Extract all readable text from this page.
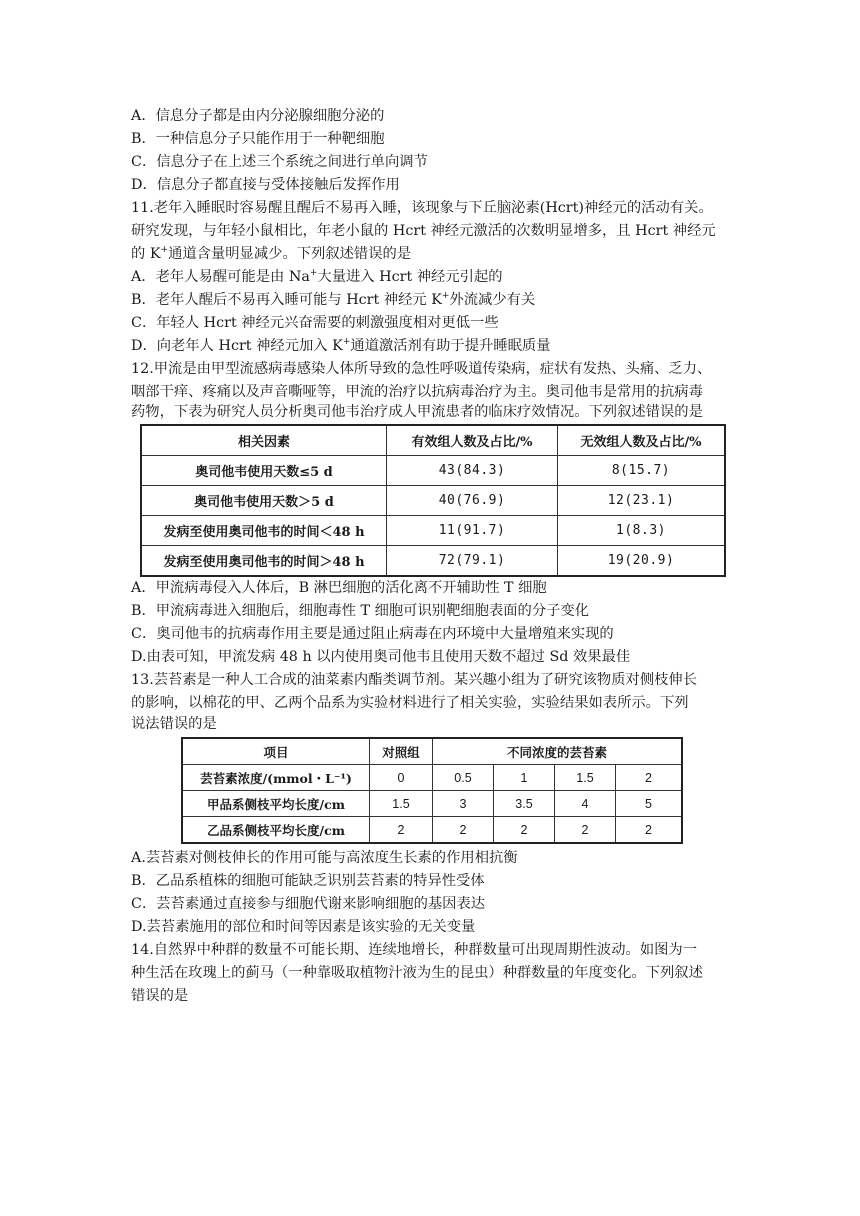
A．信息分子都是由内分泌腺细胞分泌的
B．一种信息分子只能作用于一种靶细胞
C．信息分子在上述三个系统之间进行单向调节
D．信息分子都直接与受体接触后发挥作用
11.老年入睡眠时容易醒且醒后不易再入睡，该现象与下丘脑泌素(Hcrt)神经元的活动有关。
研究发现，与年轻小鼠相比，年老小鼠的 Hcrt 神经元激活的次数明显增多，且 Hcrt 神经元
的 K+通道含量明显减少。下列叙述错误的是
A．老年人易醒可能是由 Na+大量进入 Hcrt 神经元引起的
B．老年人醒后不易再入睡可能与 Hcrt 神经元 K+外流减少有关
C．年轻人 Hcrt 神经元兴奋需要的刺激强度相对更低一些
D．向老年人 Hcrt 神经元加入 K+通道激活剂有助于提升睡眠质量
12.甲流是由甲型流感病毒感染人体所导致的急性呼吸道传染病，症状有发热、头痛、乏力、
咽部干痒、疼痛以及声音嘶哑等，甲流的治疗以抗病毒治疗为主。奥司他韦是常用的抗病毒
药物，下表为研究人员分析奥司他韦治疗成人甲流患者的临床疗效情况。下列叙述错误的是
相关因素	有效组人数及占比/%	无效组人数及占比/%
奥司他韦使用天数≤5 d	43(84.3)	8(15.7)
奥司他韦使用天数＞5 d	40(76.9)	12(23.1)
发病至使用奥司他韦的时间＜48 h	11(91.7)	1(8.3)
发病至使用奥司他韦的时间＞48 h	72(79.1)	19(20.9)
A．甲流病毒侵入人体后，B 淋巴细胞的活化离不开辅助性 T 细胞
B．甲流病毒进入细胞后，细胞毒性 T 细胞可识别靶细胞表面的分子变化
C．奥司他韦的抗病毒作用主要是通过阻止病毒在内环境中大量增殖来实现的
D.由表可知，甲流发病 48 h 以内使用奥司他韦且使用天数不超过 Sd 效果最佳
13.芸苔素是一种人工合成的油菜素内酯类调节剂。某兴趣小组为了研究该物质对侧枝伸长
的影响，以棉花的甲、乙两个品系为实验材料进行了相关实验，实验结果如表所示。下列
说法错误的是
项目	对照组	不同浓度的芸苔素			
芸苔素浓度/(mmol・L⁻¹)	0	0.5	1	1.5	2
甲品系侧枝平均长度/cm	1.5	3	3.5	4	5
乙品系侧枝平均长度/cm	2	2	2	2	2
A.芸苔素对侧枝伸长的作用可能与高浓度生长素的作用相抗衡
B．乙品系植株的细胞可能缺乏识别芸苔素的特异性受体
C．芸苔素通过直接参与细胞代谢来影响细胞的基因表达
D.芸苔素施用的部位和时间等因素是该实验的无关变量
14.自然界中种群的数量不可能长期、连续地增长，种群数量可出现周期性波动。如图为一
种生活在玫瑰上的蓟马（一种靠吸取植物汁液为生的昆虫）种群数量的年度变化。下列叙述
错误的是
